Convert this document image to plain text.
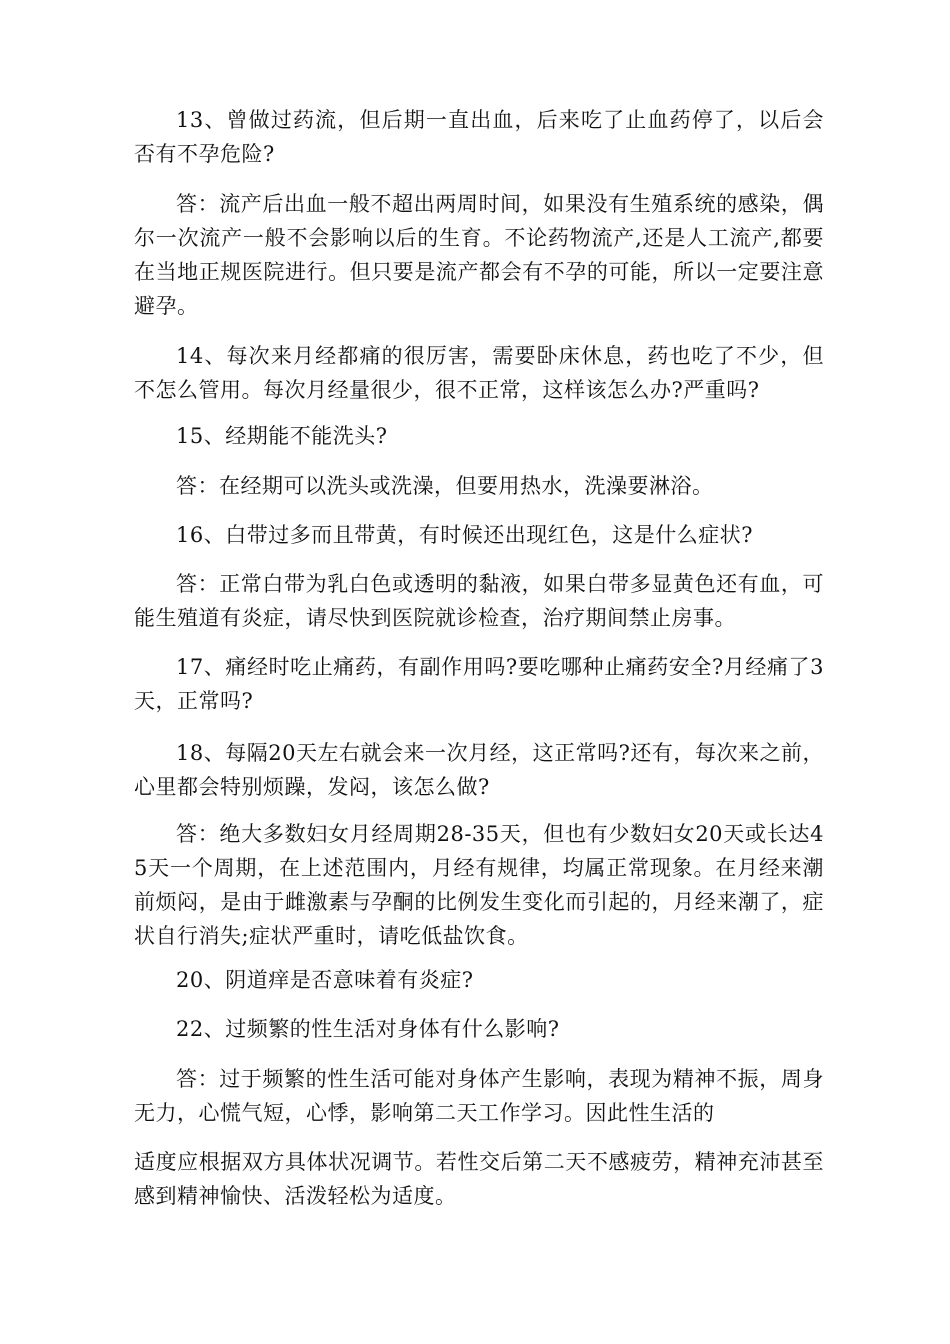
13、曾做过药流，但后期一直出血，后来吃了止血药停了，以后会否有不孕危险?

答：流产后出血一般不超出两周时间，如果没有生殖系统的感染，偶尔一次流产一般不会影响以后的生育。不论药物流产,还是人工流产,都要在当地正规医院进行。但只要是流产都会有不孕的可能，所以一定要注意避孕。

14、每次来月经都痛的很厉害，需要卧床休息，药也吃了不少，但不怎么管用。每次月经量很少，很不正常，这样该怎么办?严重吗?

15、经期能不能洗头?

答：在经期可以洗头或洗澡，但要用热水，洗澡要淋浴。

16、白带过多而且带黄，有时候还出现红色，这是什么症状?

答：正常白带为乳白色或透明的黏液，如果白带多显黄色还有血，可能生殖道有炎症，请尽快到医院就诊检查，治疗期间禁止房事。

17、痛经时吃止痛药，有副作用吗?要吃哪种止痛药安全?月经痛了3天，正常吗?

18、每隔20天左右就会来一次月经，这正常吗?还有，每次来之前，心里都会特别烦躁，发闷，该怎么做?

答：绝大多数妇女月经周期28-35天，但也有少数妇女20天或长达45天一个周期，在上述范围内，月经有规律，均属正常现象。在月经来潮前烦闷，是由于雌激素与孕酮的比例发生变化而引起的，月经来潮了，症状自行消失;症状严重时，请吃低盐饮食。

20、阴道痒是否意味着有炎症?

22、过频繁的性生活对身体有什么影响?

答：过于频繁的性生活可能对身体产生影响，表现为精神不振，周身无力，心慌气短，心悸，影响第二天工作学习。因此性生活的

适度应根据双方具体状况调节。若性交后第二天不感疲劳，精神充沛甚至感到精神愉快、活泼轻松为适度。
